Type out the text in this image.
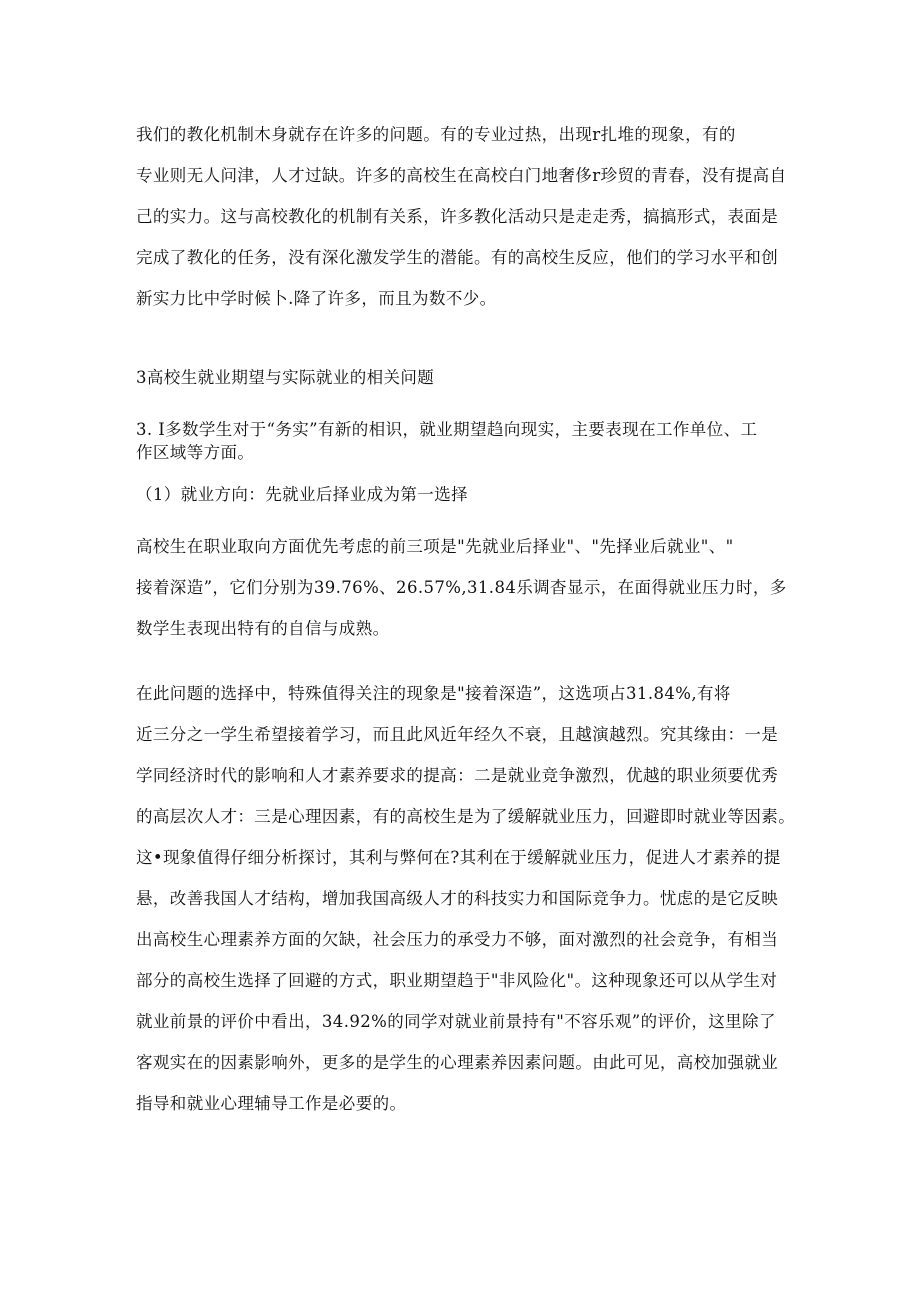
我们的教化机制木身就存在许多的问题。有的专业过热，出现r扎堆的现象，有的
专业则无人问津，人才过缺。许多的高校生在高校白门地奢侈r珍贸的青春，没有提高自
己的实力。这与高校教化的机制有关系，许多教化活动只是走走秀，搞搞形式，表面是
完成了教化的任务，没有深化激发学生的潜能。有的高校生反应，他们的学习水平和创
新实力比中学时候卜.降了许多，而且为数不少。
3高校生就业期望与实际就业的相关问题
3. I多数学生对于“务实”有新的相识，就业期望趋向现实，主要表现在工作单位、工
作区域等方面。
（1）就业方向：先就业后择业成为第一选择
高校生在职业取向方面优先考虑的前三项是"先就业后择业"、"先择业后就业"、"
接着深造”，它们分别为39.76%、26.57%,31.84乐调杳显示，在面得就业压力时，多
数学生表现出特有的自信与成熟。
在此问题的选择中，特殊值得关注的现象是"接着深造”，这选项占31.84%,有将
近三分之一学生希望接着学习，而且此风近年经久不衰，且越演越烈。究其缘由：一是
学同经济时代的影响和人才素养要求的提高：二是就业竞争激烈，优越的职业须要优秀
的高层次人才：三是心理因素，有的高校生是为了缓解就业压力，回避即时就业等因素。
这•现象值得仔细分析探讨，其利与弊何在?其利在于缓解就业压力，促进人才素养的提
悬，改善我国人才结构，增加我国高级人才的科技实力和国际竞争力。忧虑的是它反映
出高校生心理素养方面的欠缺，社会压力的承受力不够，面对激烈的社会竞争，有相当
部分的高校生选择了回避的方式，职业期望趋于"非风险化"。这种现象还可以从学生对
就业前景的评价中看出，34.92%的同学对就业前景持有"不容乐观”的评价，这里除了
客观实在的因素影响外，更多的是学生的心理素养因素问题。由此可见，高校加强就业
指导和就业心理辅导工作是必要的。
